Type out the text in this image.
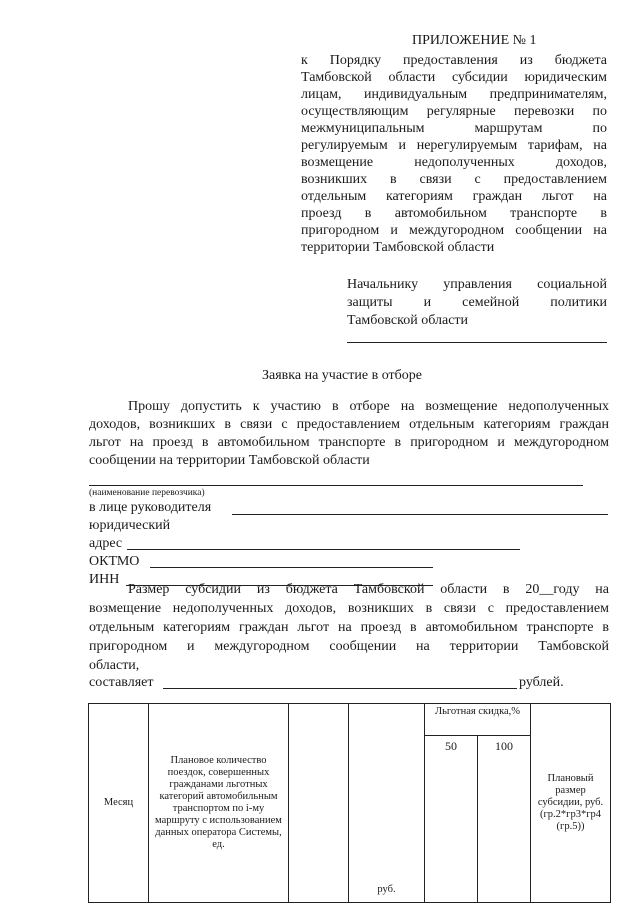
ПРИЛОЖЕНИЕ № 1
к Порядку предоставления из бюджета
Тамбовской области субсидии юридическим
лицам, индивидуальным предпринимателям,
осуществляющим регулярные перевозки по
межмуниципальным маршрутам по
регулируемым и нерегулируемым тарифам, на
возмещение недополученных доходов,
возникших в связи с предоставлением
отдельным категориям граждан льгот на
проезд в автомобильном транспорте в
пригородном и междугородном сообщении на
территории Тамбовской области
Начальнику управления социальной
защиты и семейной политики
Тамбовской области
Заявка на участие в отборе
Прошу допустить к участию в отборе на возмещение недополученных
доходов, возникших в связи с предоставлением отдельным категориям граждан
льгот на проезд в автомобильном транспорте в пригородном и междугородном
сообщении на территории Тамбовской области
(наименование перевозчика)
в лице руководителя
юридический
адрес
ОКТМО
ИНН
Размер субсидии из бюджета Тамбовской области в 20__году на
возмещение недополученных доходов, возникших в связи с предоставлением
отдельным категориям граждан льгот на проезд в автомобильном транспорте в
пригородном и междугородном сообщении на территории Тамбовской
области,
составляет	рублей.
Месяц	Плановое количество поездок, совершенных гражданами льготных категорий автомобильным транспортом по i-му маршруту с использованием данных оператора Системы, ед.		руб.	Льготная скидка,%		Плановый размер субсидии, руб. (гр.2*гр3*гр4 (гр.5))
				50	100	
